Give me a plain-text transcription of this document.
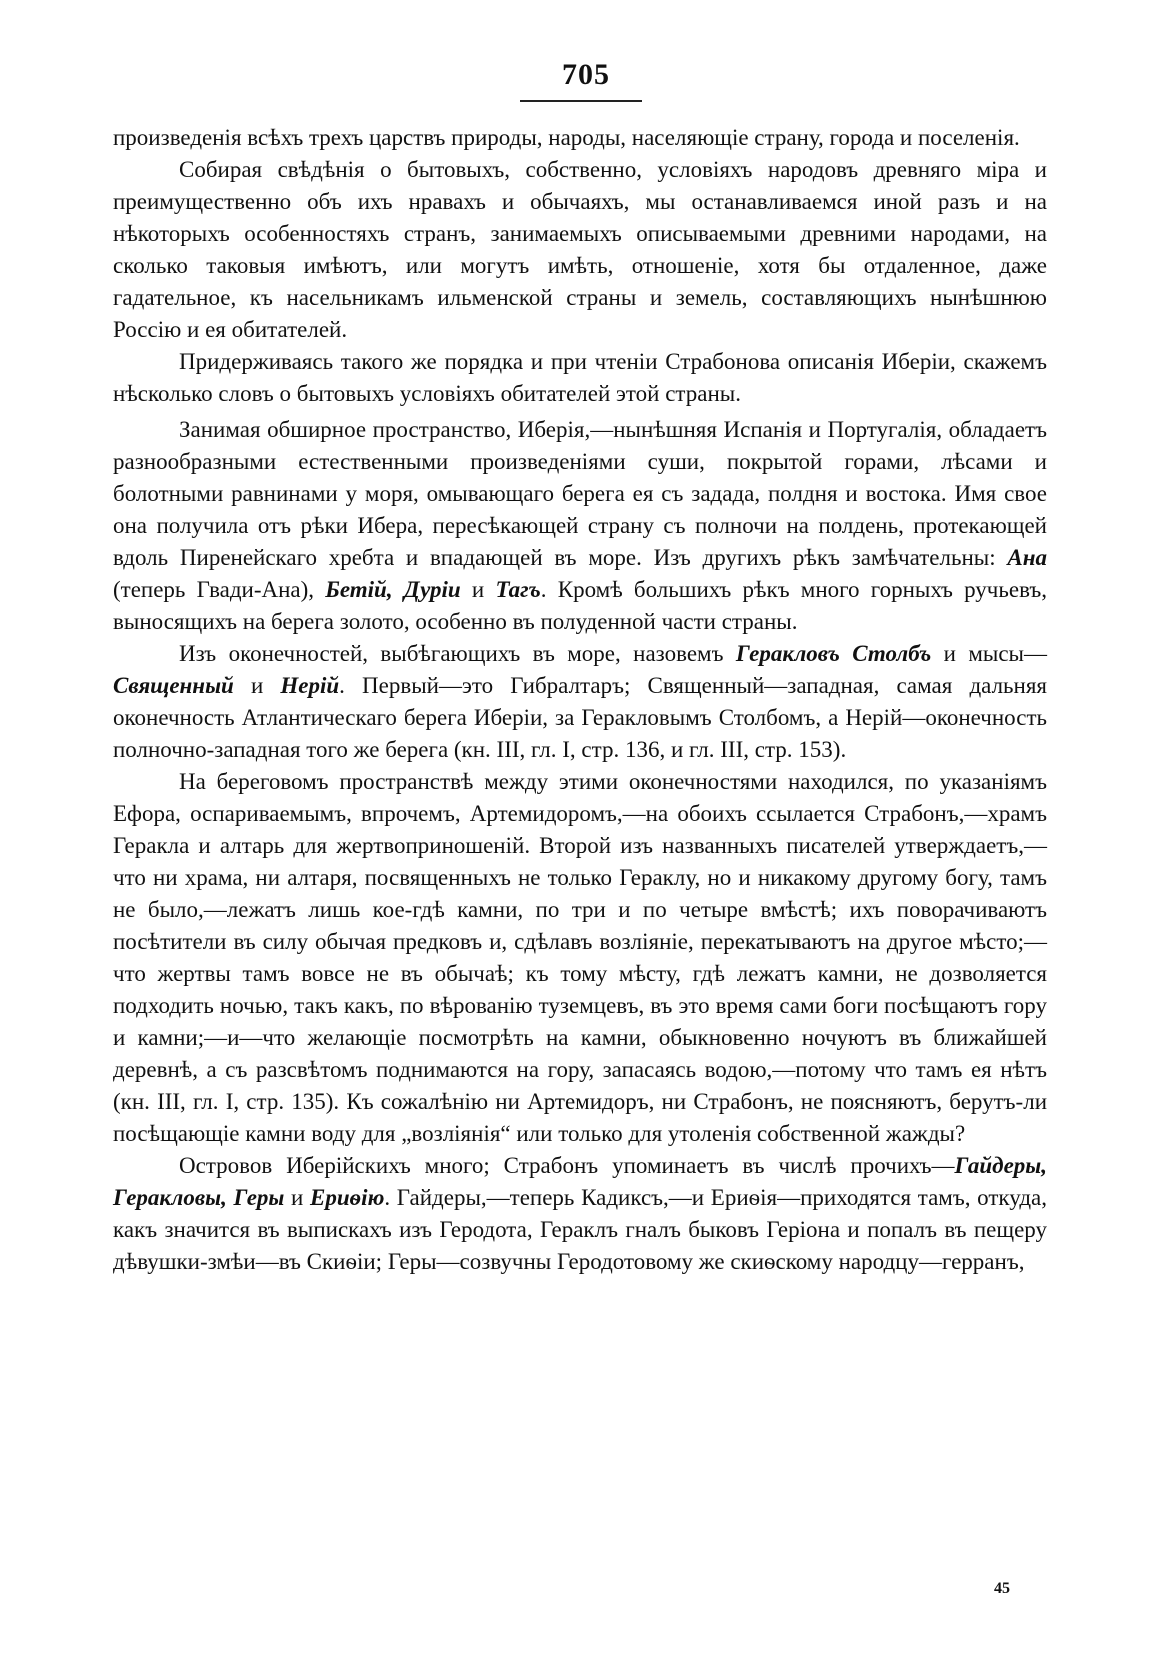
705

произведенія всѣхъ трехъ царствъ природы, народы, населяющіе страну, города и поселенія.

Собирая свѣдѣнія о бытовыхъ, собственно, условіяхъ народовъ древняго міра и преимущественно объ ихъ нравахъ и обычаяхъ, мы останавливаемся иной разъ и на нѣкоторыхъ особенностяхъ странъ, занимаемыхъ описываемыми древними народами, на сколько таковыя имѣютъ, или могутъ имѣть, отношеніе, хотя бы отдаленное, даже гадательное, къ насельникамъ ильменской страны и земель, составляющихъ нынѣшнюю Россію и ея обитателей.

Придерживаясь такого же порядка и при чтеніи Страбонова описанія Иберіи, скажемъ нѣсколько словъ о бытовыхъ условіяхъ обитателей этой страны.

Занимая обширное пространство, Иберія,—нынѣшняя Испанія и Португалія, обладаетъ разнообразными естественными произведеніями суши, покрытой горами, лѣсами и болотными равнинами у моря, омывающаго берега ея съ задада, полдня и востока. Имя свое она получила отъ рѣки Ибера, пересѣкающей страну съ полночи на полдень, протекающей вдоль Пиренейскаго хребта и впадающей въ море. Изъ другихъ рѣкъ замѣчательны: Ана (теперь Гвади-Ана), Бетій, Дуріи и Тагъ. Кромѣ большихъ рѣкъ много горныхъ ручьевъ, выносящихъ на берега золото, особенно въ полуденной части страны.

Изъ оконечностей, выбѣгающихъ въ море, назовемъ Геракловъ Столбъ и мысы—Священный и Нерій. Первый—это Гибралтаръ; Священный—западная, самая дальняя оконечность Атлантическаго берега Иберіи, за Геракловымъ Столбомъ, а Нерій—оконечность полночно-западная того же берега (кн. III, гл. I, стр. 136, и гл. III, стр. 153).

На береговомъ пространствѣ между этими оконечностями находился, по указаніямъ Ефора, оспариваемымъ, впрочемъ, Артемидоромъ,—на обоихъ ссылается Страбонъ,—храмъ Геракла и алтарь для жертвоприношеній. Второй изъ названныхъ писателей утверждаетъ,—что ни храма, ни алтаря, посвященныхъ не только Гераклу, но и никакому другому богу, тамъ не было,—лежатъ лишь кое-гдѣ камни, по три и по четыре вмѣстѣ; ихъ поворачиваютъ посѣтители въ силу обычая предковъ и, сдѣлавъ возліяніе, перекатываютъ на другое мѣсто;—что жертвы тамъ вовсе не въ обычаѣ; къ тому мѣсту, гдѣ лежатъ камни, не дозволяется подходить ночью, такъ какъ, по вѣрованію туземцевъ, въ это время сами боги посѣщаютъ гору и камни;—и—что желающіе посмотрѣть на камни, обыкновенно ночуютъ въ ближайшей деревнѣ, а съ разсвѣтомъ поднимаются на гору, запасаясь водою,—потому что тамъ ея нѣтъ (кн. III, гл. I, стр. 135). Къ сожалѣнію ни Артемидоръ, ни Страбонъ, не поясняютъ, берутъ-ли посѣщающіе камни воду для „возліянія“ или только для утоленія собственной жажды?

Островов Иберійскихъ много; Страбонъ упоминаетъ въ числѣ прочихъ—Гайдеры, Геракловы, Геры и Ериѳію. Гайдеры,—теперь Кадиксъ,—и Ериѳія—приходятся тамъ, откуда, какъ значится въ выпискахъ изъ Геродота, Гераклъ гналъ быковъ Геріона и попалъ въ пещеру дѣвушки-змѣи—въ Скиѳіи; Геры—созвучны Геродотовому же скиѳскому народцу—герранъ,

45
